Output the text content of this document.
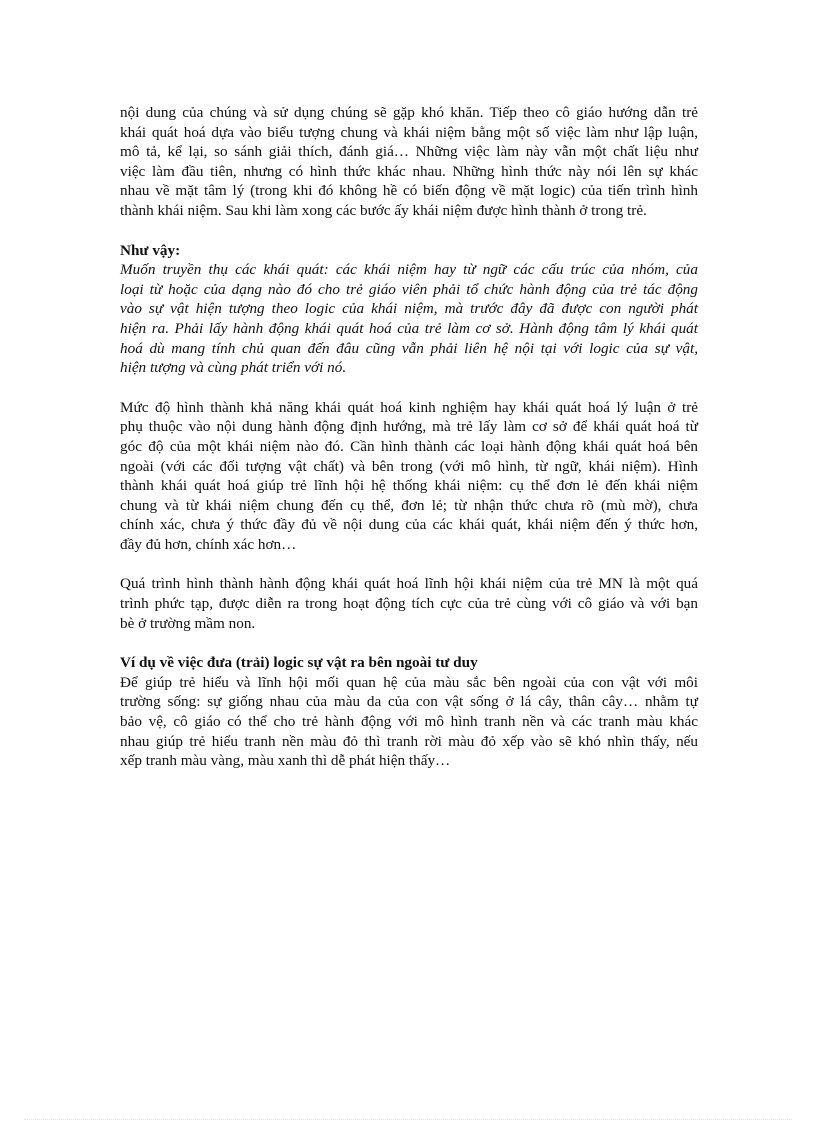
nội dung của chúng và sử dụng chúng sẽ gặp khó khăn. Tiếp theo cô giáo hướng dẫn trẻ
khái quát hoá dựa vào biểu tượng chung và khái niệm bằng một số việc làm như lập luận,
mô tả, kể lại, so sánh giải thích, đánh giá… Những việc làm này vẫn một chất liệu như
việc làm đầu tiên, nhưng có hình thức khác nhau. Những hình thức này nói lên sự khác
nhau về mặt tâm lý (trong khi đó không hề có biến động về mặt logic) của tiến trình hình
thành khái niệm. Sau khi làm xong các bước ấy khái niệm được hình thành ở trong trẻ.
Như vậy:
Muốn truyền thụ các khái quát: các khái niệm hay từ ngữ các cấu trúc của nhóm, của
loại từ hoặc của dạng nào đó cho trẻ giáo viên phải tổ chức hành động của trẻ tác động
vào sự vật hiện tượng theo logic của khái niệm, mà trước đây đã được con người phát
hiện ra. Phải lấy hành động khái quát hoá của trẻ làm cơ sở. Hành động tâm lý khái quát
hoá dù mang tính chủ quan đến đâu cũng vẫn phải liên hệ nội tại với logic của sự vật,
hiện tượng và cùng phát triển với nó.
Mức độ hình thành khả năng khái quát hoá kinh nghiệm hay khái quát hoá lý luận ở trẻ
phụ thuộc vào nội dung hành động định hướng, mà trẻ lấy làm cơ sở để khái quát hoá từ
góc độ của một khái niệm nào đó. Cần hình thành các loại hành động khái quát hoá bên
ngoài (với các đối tượng vật chất) và bên trong (với mô hình, từ ngữ, khái niệm). Hình
thành khái quát hoá giúp trẻ lĩnh hội hệ thống khái niệm: cụ thể đơn lẻ đến khái niệm
chung và từ khái niệm chung đến cụ thể, đơn lẻ; từ nhận thức chưa rõ (mù mờ), chưa
chính xác, chưa ý thức đầy đủ về nội dung của các khái quát, khái niệm đến ý thức hơn,
đầy đủ hơn, chính xác hơn…
Quá trình hình thành hành động khái quát hoá lĩnh hội khái niệm của trẻ MN là một quá
trình phức tạp, được diễn ra trong hoạt động tích cực của trẻ cùng với cô giáo và với bạn
bè ở trường mầm non.
Ví dụ về việc đưa (trải) logic sự vật ra bên ngoài tư duy
Để giúp trẻ hiểu và lĩnh hội mối quan hệ của màu sắc bên ngoài của con vật với môi
trường sống: sự giống nhau của màu da của con vật sống ở lá cây, thân cây… nhằm tự
bảo vệ, cô giáo có thể cho trẻ hành động với mô hình tranh nền và các tranh màu khác
nhau giúp trẻ hiểu tranh nền màu đỏ thì tranh rời màu đỏ xếp vào sẽ khó nhìn thấy, nếu
xếp tranh màu vàng, màu xanh thì dễ phát hiện thấy…
